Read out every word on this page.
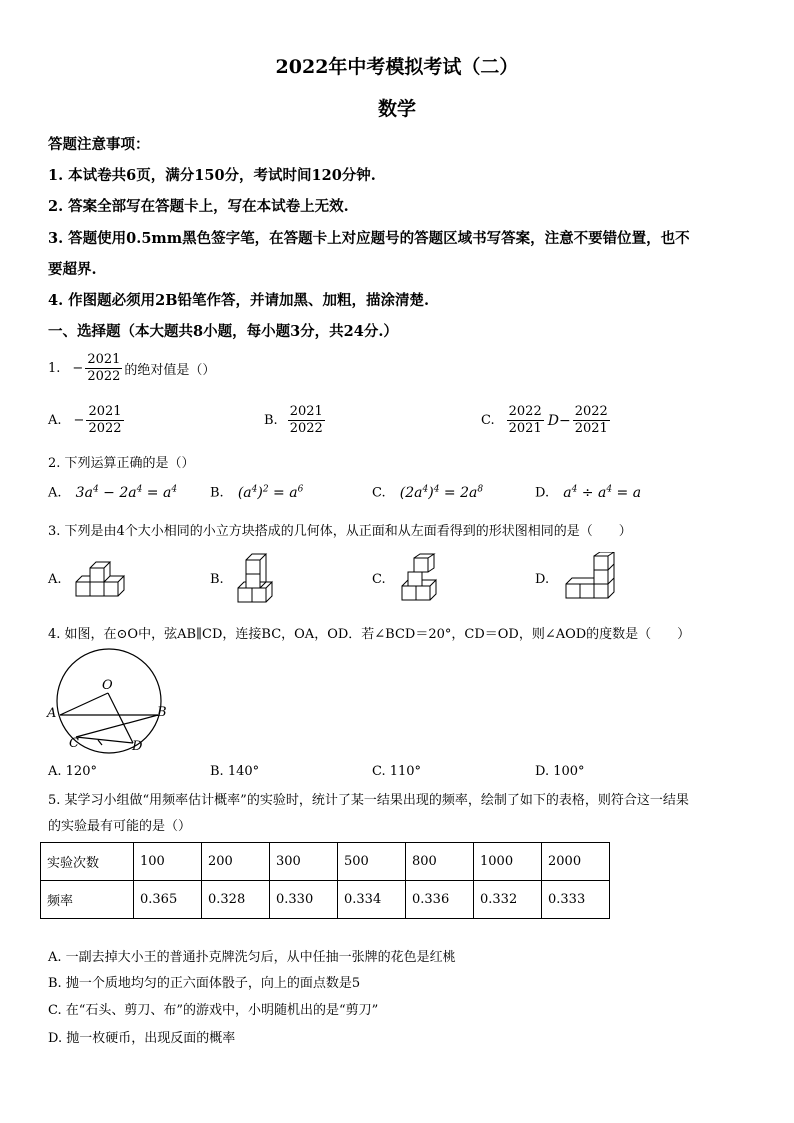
2022年中考模拟考试（二）
数学
答题注意事项：
1. 本试卷共6页，满分150分，考试时间120分钟.
2. 答案全部写在答题卡上，写在本试卷上无效.
3. 答题使用0.5mm黑色签字笔，在答题卡上对应题号的答题区域书写答案，注意不要错位置，也不
要超界.
4. 作图题必须用2B铅笔作答，并请加黑、加粗，描涂清楚.
一、选择题（本大题共8小题，每小题3分，共24分.）
1. − $\frac{2021}{2022}$ 的绝对值是（）
A. − $\frac{2021}{2022}$	B. $\frac{2021}{2022}$	C. $\frac{2022}{2021} D- \frac{2022}{2021}$
2. 下列运算正确的是（）
A. $3a^4 - 2a^4 = a^4$	B. $(a^4)^2 = a^6$	C. $(2a^4)^4 = 2a^8$	D. $a^4 \div a^4 = a$
3. 下列是由4个大小相同的小立方块搭成的几何体，从正面和从左面看得到的形状图相同的是（　　）
A.	B.	C.	D.
4. 如图，在⊙O中，弦AB∥CD，连接BC，OA，OD．若∠BCD＝20°，CD＝OD，则∠AOD的度数是（　　）
O
A	B
C	D
A. 120°	B. 140°	C. 110°	D. 100°
5. 某学习小组做“用频率估计概率”的实验时，统计了某一结果出现的频率，绘制了如下的表格，则符合这一结果
的实验最有可能的是（）
实验次数	100	200	300	500	800	1000	2000
频率	0.365	0.328	0.330	0.334	0.336	0.332	0.333
A. 一副去掉大小王的普通扑克牌洗匀后，从中任抽一张牌的花色是红桃
B. 抛一个质地均匀的正六面体骰子，向上的面点数是5
C. 在“石头、剪刀、布”的游戏中，小明随机出的是“剪刀”
D. 抛一枚硬币，出现反面的概率
